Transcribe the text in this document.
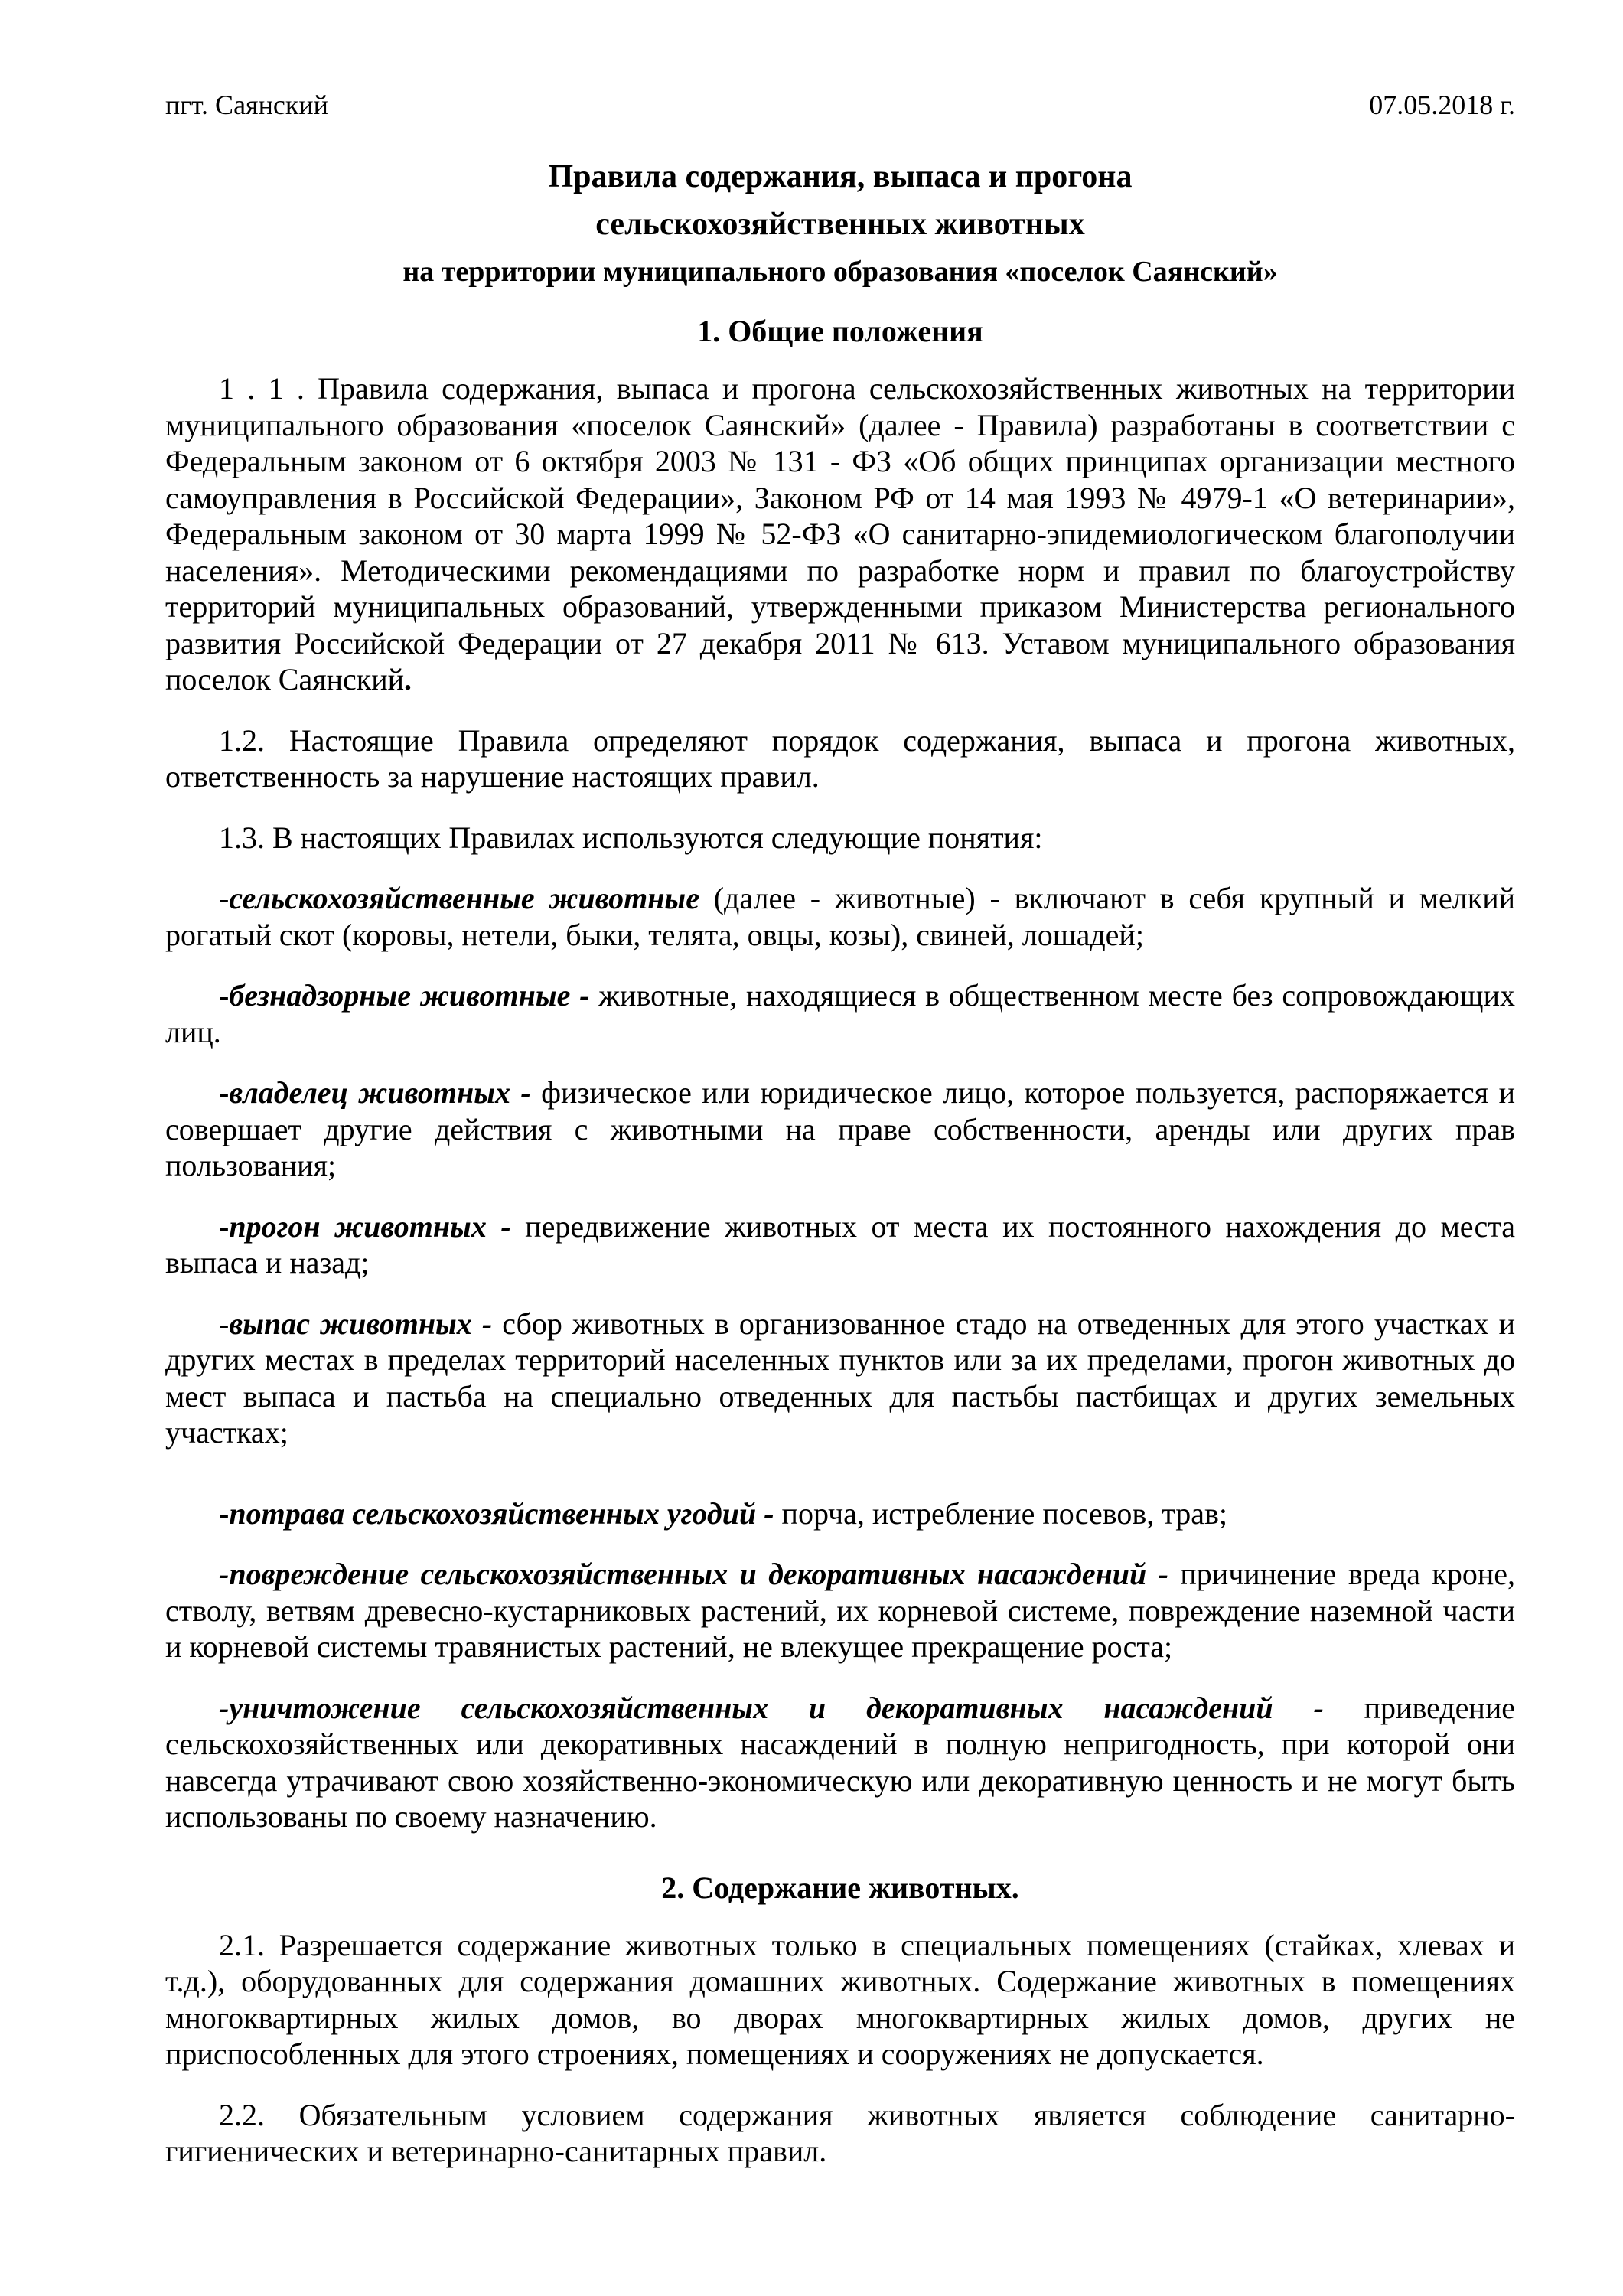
пгт. Саянский	07.05.2018 г.
Правила содержания, выпаса и прогона
сельскохозяйственных животных
на территории муниципального образования «поселок Саянский»
1. Общие положения

1 . 1 . Правила содержания, выпаса и прогона сельскохозяйственных животных на территории муниципального образования «поселок Саянский» (далее - Правила) разработаны в соответствии с Федеральным законом от 6 октября 2003 № 131 - ФЗ «Об общих принципах организации местного самоуправления в Российской Федерации», Законом РФ от 14 мая 1993 № 4979-1 «О ветеринарии», Федеральным законом от 30 марта 1999 № 52-ФЗ «О санитарно-эпидемиологическом благополучии населения». Методическими рекомендациями по разработке норм и правил по благоустройству территорий муниципальных образований, утвержденными приказом Министерства регионального развития Российской Федерации от 27 декабря 2011 № 613. Уставом муниципального образования поселок Саянский.

1.2. Настоящие Правила определяют порядок содержания, выпаса и прогона животных, ответственность за нарушение настоящих правил.

1.3. В настоящих Правилах используются следующие понятия:

-сельскохозяйственные животные (далее - животные) - включают в себя крупный и мелкий рогатый скот (коровы, нетели, быки, телята, овцы, козы), свиней, лошадей;

-безнадзорные животные - животные, находящиеся в общественном месте без сопровождающих лиц.

-владелец животных - физическое или юридическое лицо, которое пользуется, распоряжается и совершает другие действия с животными на праве собственности, аренды или других прав пользования;

-прогон животных - передвижение животных от места их постоянного нахождения до места выпаса и назад;

-выпас животных - сбор животных в организованное стадо на отведенных для этого участках и других местах в пределах территорий населенных пунктов или за их пределами, прогон животных до мест выпаса и пастьба на специально отведенных для пастьбы пастбищах и других земельных участках;

-потрава сельскохозяйственных угодий - порча, истребление посевов, трав;

-повреждение сельскохозяйственных и декоративных насаждений - причинение вреда кроне, стволу, ветвям древесно-кустарниковых растений, их корневой системе, повреждение наземной части и корневой системы травянистых растений, не влекущее прекращение роста;

-уничтожение сельскохозяйственных и декоративных насаждений - приведение сельскохозяйственных или декоративных насаждений в полную непригодность, при которой они навсегда утрачивают свою хозяйственно-экономическую или декоративную ценность и не могут быть использованы по своему назначению.

2. Содержание животных.

2.1. Разрешается содержание животных только в специальных помещениях (стайках, хлевах и т.д.), оборудованных для содержания домашних животных. Содержание животных в помещениях многоквартирных жилых домов, во дворах многоквартирных жилых домов, других не приспособленных для этого строениях, помещениях и сооружениях не допускается.

2.2. Обязательным условием содержания животных является соблюдение санитарно-гигиенических и ветеринарно-санитарных правил.
